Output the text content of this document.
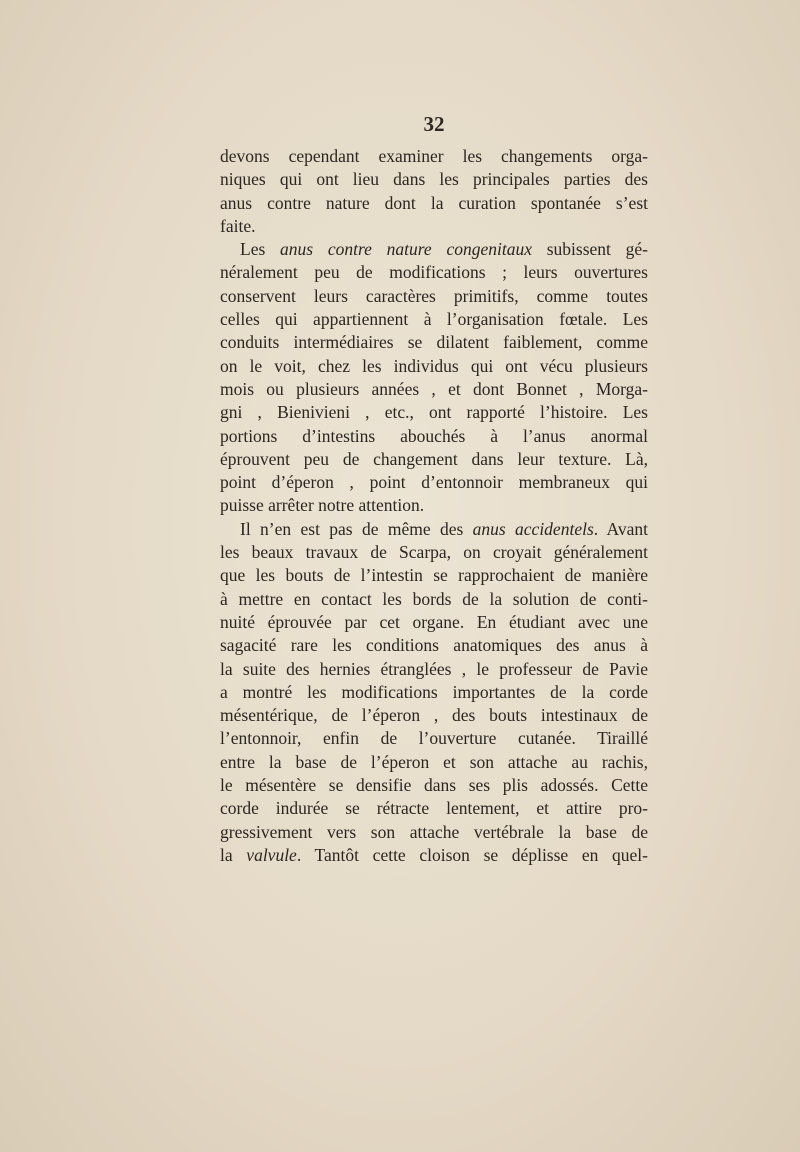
32
devons cependant examiner les changements orga-
niques qui ont lieu dans les principales parties des
anus contre nature dont la curation spontanée s’est
faite.
Les anus contre nature congenitaux subissent gé-
néralement peu de modifications ; leurs ouvertures
conservent leurs caractères primitifs, comme toutes
celles qui appartiennent à l’organisation fœtale. Les
conduits intermédiaires se dilatent faiblement, comme
on le voit, chez les individus qui ont vécu plusieurs
mois ou plusieurs années , et dont Bonnet , Morga-
gni , Bienivieni , etc., ont rapporté l’histoire. Les
portions d’intestins abouchés à l’anus anormal
éprouvent peu de changement dans leur texture. Là,
point d’éperon , point d’entonnoir membraneux qui
puisse arrêter notre attention.
Il n’en est pas de même des anus accidentels. Avant
les beaux travaux de Scarpa, on croyait généralement
que les bouts de l’intestin se rapprochaient de manière
à mettre en contact les bords de la solution de conti-
nuité éprouvée par cet organe. En étudiant avec une
sagacité rare les conditions anatomiques des anus à
la suite des hernies étranglées , le professeur de Pavie
a montré les modifications importantes de la corde
mésentérique, de l’éperon , des bouts intestinaux de
l’entonnoir, enfin de l’ouverture cutanée. Tiraillé
entre la base de l’éperon et son attache au rachis,
le mésentère se densifie dans ses plis adossés. Cette
corde indurée se rétracte lentement, et attire pro-
gressivement vers son attache vertébrale la base de
la valvule. Tantôt cette cloison se déplisse en quel-
